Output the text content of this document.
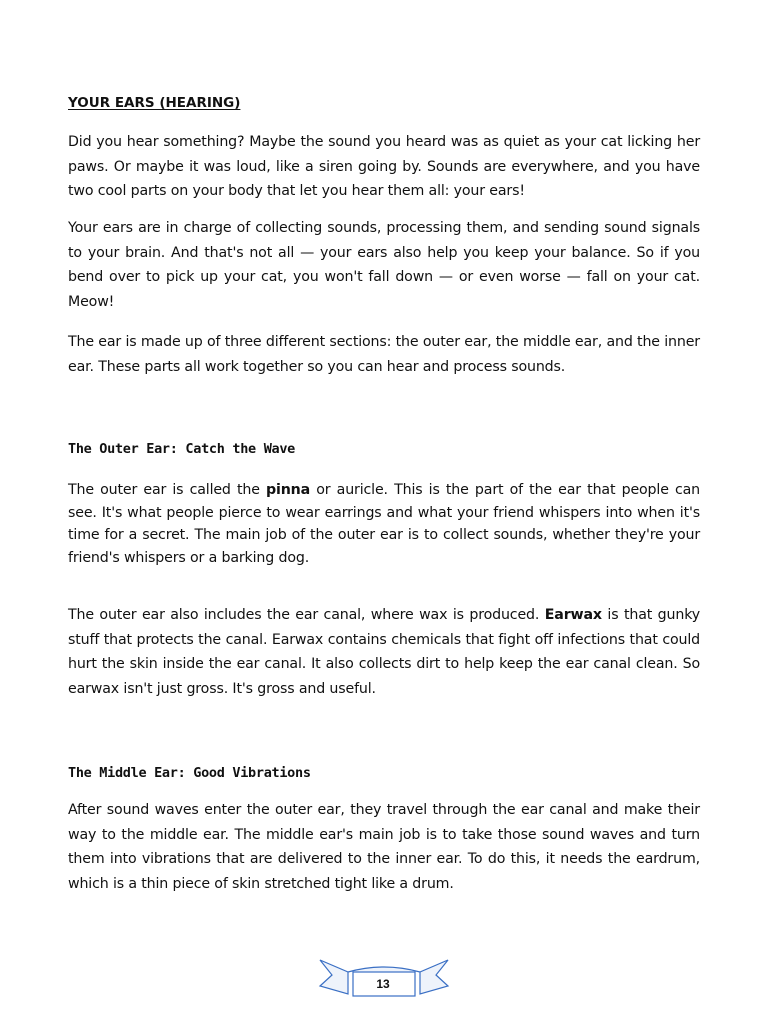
YOUR EARS (HEARING)

Did you hear something? Maybe the sound you heard was as quiet as your cat licking her paws. Or maybe it was loud, like a siren going by. Sounds are everywhere, and you have two cool parts on your body that let you hear them all: your ears!

Your ears are in charge of collecting sounds, processing them, and sending sound signals to your brain. And that's not all — your ears also help you keep your balance. So if you bend over to pick up your cat, you won't fall down — or even worse — fall on your cat. Meow!

The ear is made up of three different sections: the outer ear, the middle ear, and the inner ear. These parts all work together so you can hear and process sounds.

The Outer Ear: Catch the Wave

The outer ear is called the pinna or auricle. This is the part of the ear that people can see. It's what people pierce to wear earrings and what your friend whispers into when it's time for a secret. The main job of the outer ear is to collect sounds, whether they're your friend's whispers or a barking dog.

The outer ear also includes the ear canal, where wax is produced. Earwax is that gunky stuff that protects the canal. Earwax contains chemicals that fight off infections that could hurt the skin inside the ear canal. It also collects dirt to help keep the ear canal clean. So earwax isn't just gross. It's gross and useful.

The Middle Ear: Good Vibrations

After sound waves enter the outer ear, they travel through the ear canal and make their way to the middle ear. The middle ear's main job is to take those sound waves and turn them into vibrations that are delivered to the inner ear. To do this, it needs the eardrum, which is a thin piece of skin stretched tight like a drum.

13
